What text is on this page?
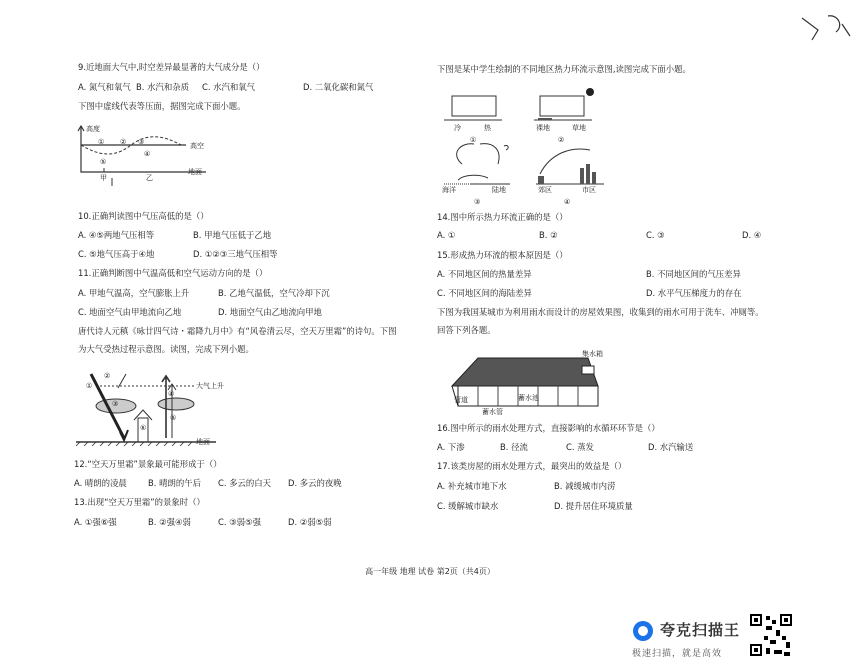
9.近地面大气中,时空差异最显著的大气成分是（）
A. 氮气和氧气 B. 水汽和杂质 C. 水汽和氧气	D. 二氧化碳和氮气
下图中虚线代表等压面，据图完成下面小题。
高度
高空
地面
甲	乙
① ② ③
④
⑤
10.正确判读图中气压高低的是（）
A. ④⑤两地气压相等	B. 甲地气压低于乙地
C. ⑤地气压高于④地	D. ①②③三地气压相等
11.正确判断图中气温高低和空气运动方向的是（）
A. 甲地气温高，空气膨胀上升	B. 乙地气温低，空气冷却下沉
C. 地面空气由甲地流向乙地	D. 地面空气由乙地流向甲地
唐代诗人元稹《咏廿四气诗・霜降九月中》有“风卷清云尽，空天万里霜”的诗句。下图
为大气受热过程示意图。读图，完成下列小题。
①
②
③
④
⑤
⑥
大气上升
地面
12.“空天万里霜”景象最可能形成于（）
A. 晴朗的凌晨	B. 晴朗的午后 C. 多云的白天 D. 多云的夜晚
13.出现“空天万里霜”的景象时（）
A. ①强⑥强	B. ②强④弱	C. ③弱⑤强	D. ②弱⑤弱
下图是某中学生绘制的不同地区热力环流示意图,读图完成下面小题。
冷	热
①
裸地	草地
②
海洋	陆地
③
郊区	市区
④
14.图中所示热力环流正确的是（）
A. ①	B. ②	C. ③	D. ④
15.形成热力环流的根本原因是（）
A. 不同地区间的热量差异	B. 不同地区间的气压差异
C. 不同地区间的海陆差异	D. 水平气压梯度力的存在
下图为我国某城市为利用雨水而设计的房屋效果图，收集到的雨水可用于洗车、冲厕等。
回答下列各题。
集水箱
管道	蓄水池
蓄水管
16.图中所示的雨水处理方式，直接影响的水循环环节是（）
A. 下渗	B. 径流	C. 蒸发	D. 水汽输送
17.该类房屋的雨水处理方式，最突出的效益是（）
A. 补充城市地下水	B. 减缓城市内涝
C. 缓解城市缺水	D. 提升居住环境质量
高一年级 地理 试卷 第2页（共4页）
夸克扫描王
极速扫描，就是高效
